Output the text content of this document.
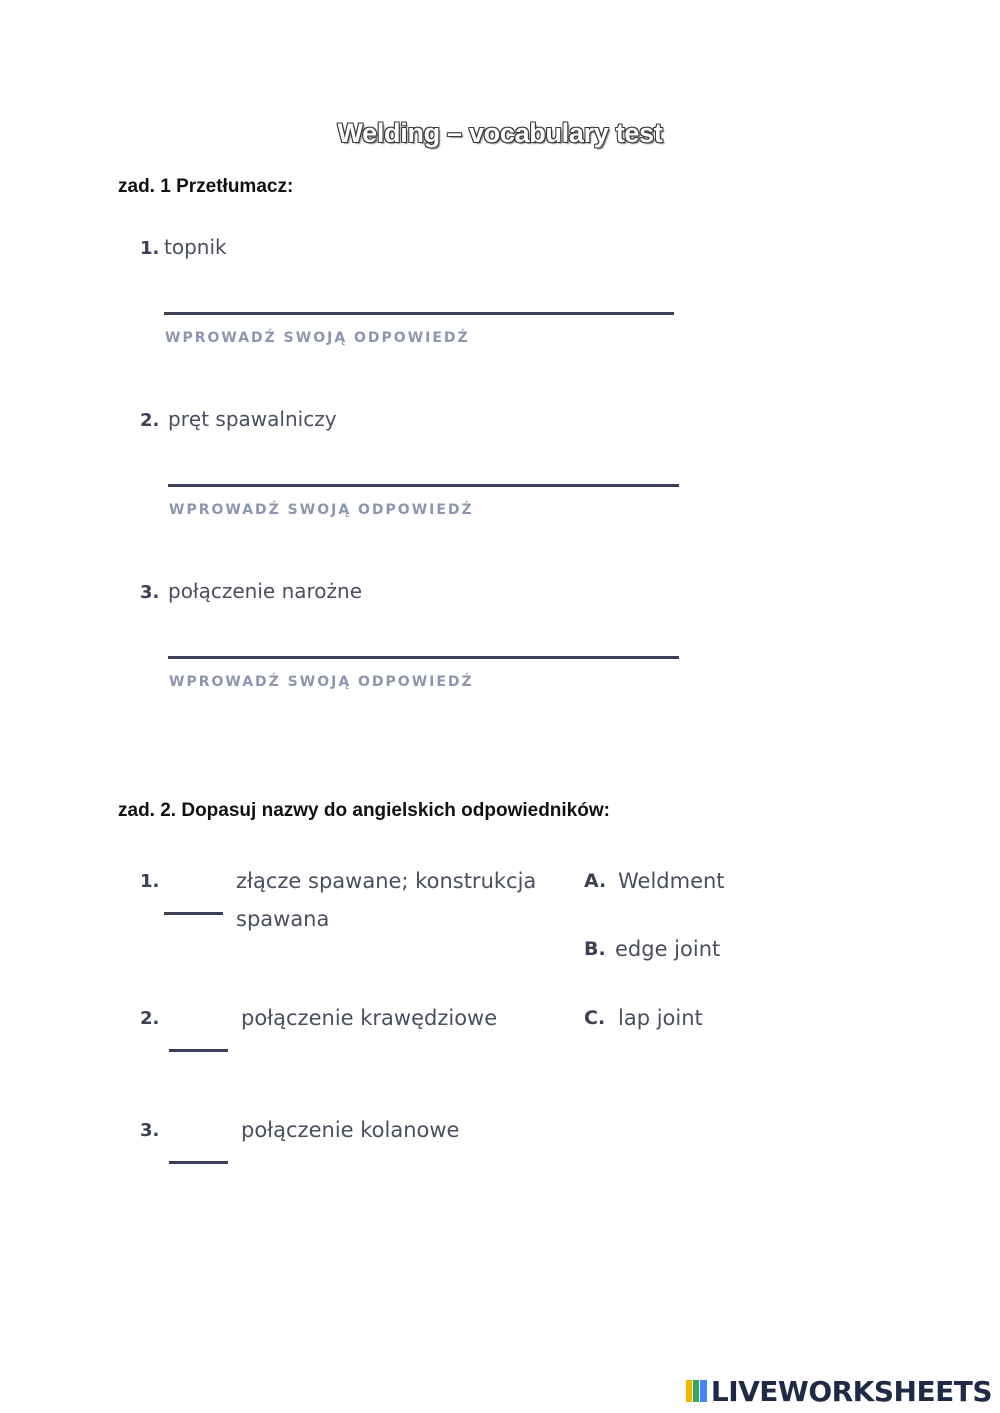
Welding – vocabulary test
zad. 1 Przetłumacz:
1. topnik
WPROWADŹ SWOJĄ ODPOWIEDŹ
2. pręt spawalniczy
WPROWADŹ SWOJĄ ODPOWIEDŹ
3. połączenie narożne
WPROWADŹ SWOJĄ ODPOWIEDŹ
zad. 2. Dopasuj nazwy do angielskich odpowiedników:
1.	złącze spawane; konstrukcja
spawana
A. Weldment
B. edge joint
C. lap joint
2.	połączenie krawędziowe
3.	połączenie kolanowe
LIVEWORKSHEETS
